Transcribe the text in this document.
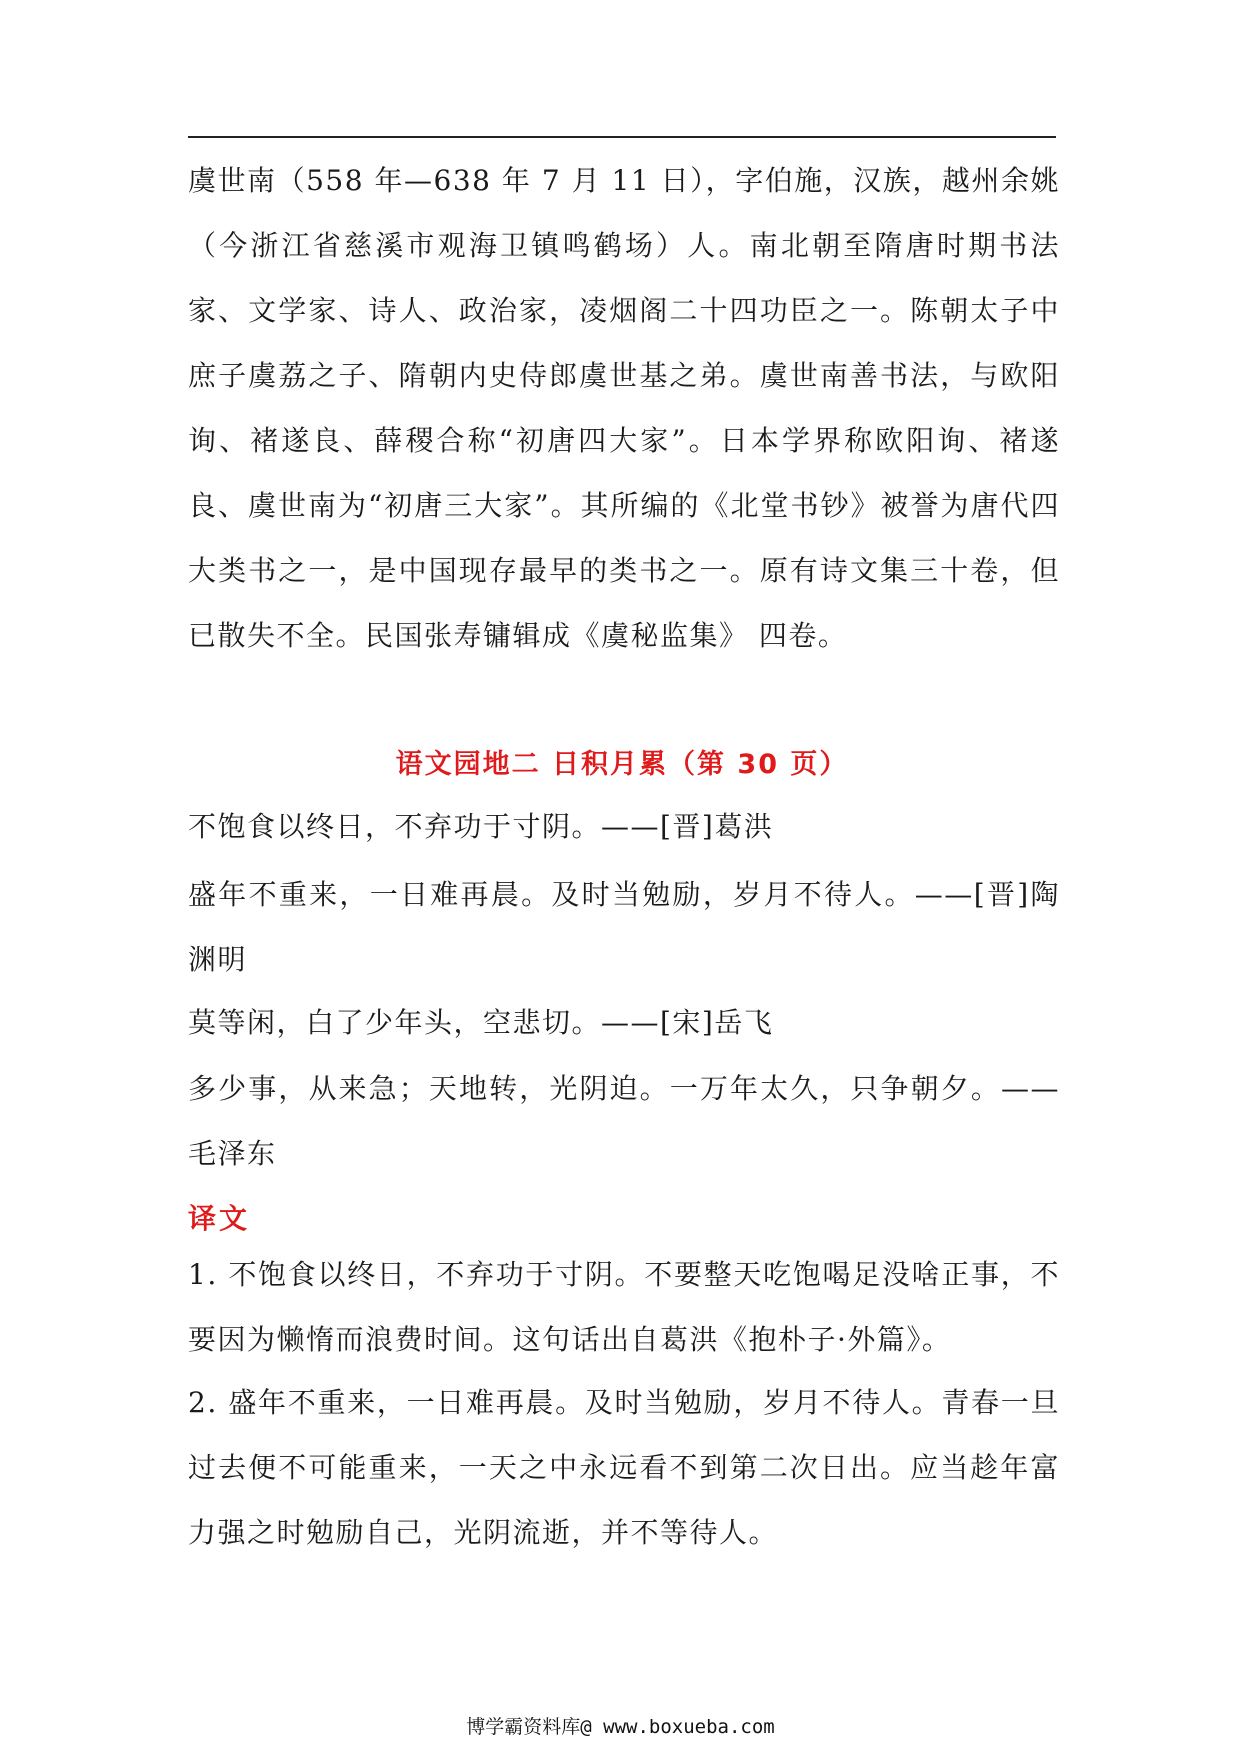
虞世南（558 年—638 年 7 月 11 日），字伯施，汉族，越州余姚（今浙江省慈溪市观海卫镇鸣鹤场）人。南北朝至隋唐时期书法家、文学家、诗人、政治家，凌烟阁二十四功臣之一。陈朝太子中庶子虞荔之子、隋朝内史侍郎虞世基之弟。虞世南善书法，与欧阳询、褚遂良、薛稷合称“初唐四大家”。日本学界称欧阳询、褚遂良、虞世南为“初唐三大家”。其所编的《北堂书钞》被誉为唐代四大类书之一，是中国现存最早的类书之一。原有诗文集三十卷，但已散失不全。民国张寿镛辑成《虞秘监集》 四卷。

语文园地二 日积月累（第 30 页）

不饱食以终日，不弃功于寸阴。——[晋]葛洪

盛年不重来，一日难再晨。及时当勉励，岁月不待人。——[晋]陶渊明

莫等闲，白了少年头，空悲切。——[宋]岳飞

多少事，从来急；天地转，光阴迫。一万年太久，只争朝夕。——毛泽东

译文

1. 不饱食以终日，不弃功于寸阴。不要整天吃饱喝足没啥正事，不要因为懒惰而浪费时间。这句话出自葛洪《抱朴子·外篇》。

2. 盛年不重来，一日难再晨。及时当勉励，岁月不待人。青春一旦过去便不可能重来，一天之中永远看不到第二次日出。应当趁年富力强之时勉励自己，光阴流逝，并不等待人。

博学霸资料库@ www.boxueba.com
